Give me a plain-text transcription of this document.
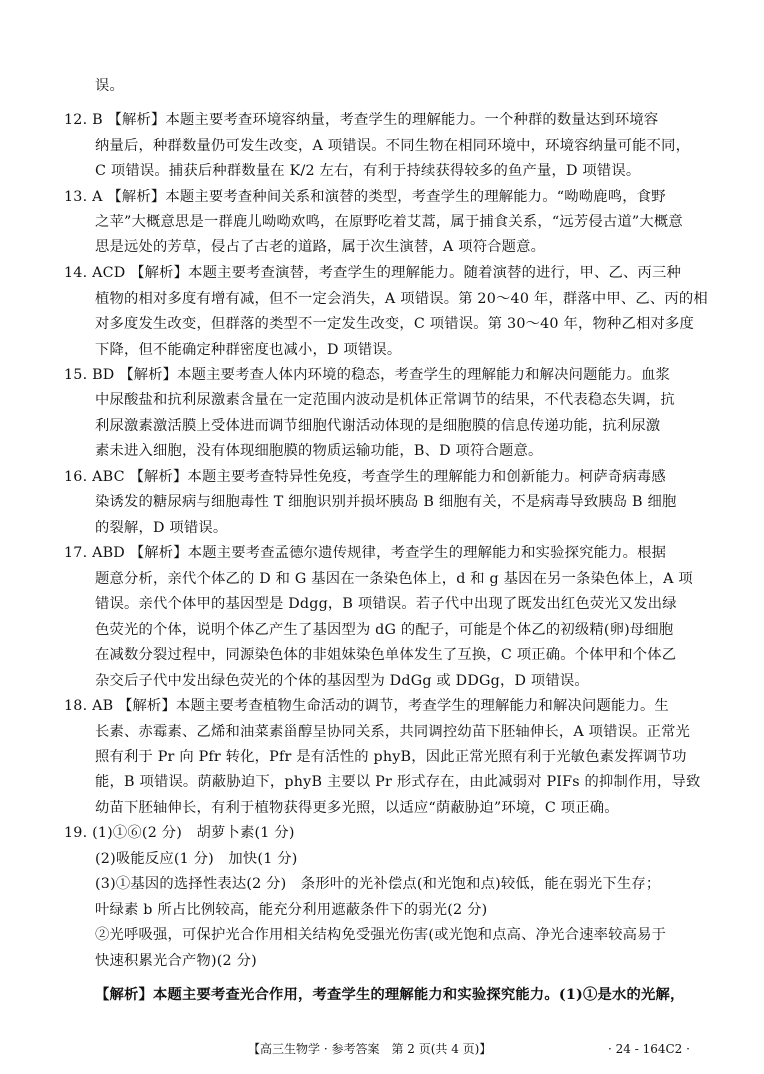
误。
12. B 【解析】本题主要考查环境容纳量，考查学生的理解能力。一个种群的数量达到环境容
纳量后，种群数量仍可发生改变，A 项错误。不同生物在相同环境中，环境容纳量可能不同，
C 项错误。捕获后种群数量在 K/2 左右，有利于持续获得较多的鱼产量，D 项错误。
13. A 【解析】本题主要考查种间关系和演替的类型，考查学生的理解能力。“呦呦鹿鸣，食野
之苹”大概意思是一群鹿儿呦呦欢鸣，在原野吃着艾蒿，属于捕食关系，“远芳侵古道”大概意
思是远处的芳草，侵占了古老的道路，属于次生演替，A 项符合题意。
14. ACD 【解析】本题主要考查演替，考查学生的理解能力。随着演替的进行，甲、乙、丙三种
植物的相对多度有增有减，但不一定会消失，A 项错误。第 20～40 年，群落中甲、乙、丙的相
对多度发生改变，但群落的类型不一定发生改变，C 项错误。第 30～40 年，物种乙相对多度
下降，但不能确定种群密度也减小，D 项错误。
15. BD 【解析】本题主要考查人体内环境的稳态，考查学生的理解能力和解决问题能力。血浆
中尿酸盐和抗利尿激素含量在一定范围内波动是机体正常调节的结果，不代表稳态失调，抗
利尿激素激活膜上受体进而调节细胞代谢活动体现的是细胞膜的信息传递功能，抗利尿激
素未进入细胞，没有体现细胞膜的物质运输功能，B、D 项符合题意。
16. ABC 【解析】本题主要考查特异性免疫，考查学生的理解能力和创新能力。柯萨奇病毒感
染诱发的糖尿病与细胞毒性 T 细胞识别并损坏胰岛 B 细胞有关，不是病毒导致胰岛 B 细胞
的裂解，D 项错误。
17. ABD 【解析】本题主要考查孟德尔遗传规律，考查学生的理解能力和实验探究能力。根据
题意分析，亲代个体乙的 D 和 G 基因在一条染色体上，d 和 g 基因在另一条染色体上，A 项
错误。亲代个体甲的基因型是 Ddgg，B 项错误。若子代中出现了既发出红色荧光又发出绿
色荧光的个体，说明个体乙产生了基因型为 dG 的配子，可能是个体乙的初级精(卵)母细胞
在减数分裂过程中，同源染色体的非姐妹染色单体发生了互换，C 项正确。个体甲和个体乙
杂交后子代中发出绿色荧光的个体的基因型为 DdGg 或 DDGg，D 项错误。
18. AB 【解析】本题主要考查植物生命活动的调节，考查学生的理解能力和解决问题能力。生
长素、赤霉素、乙烯和油菜素甾醇呈协同关系，共同调控幼苗下胚轴伸长，A 项错误。正常光
照有利于 Pr 向 Pfr 转化，Pfr 是有活性的 phyB，因此正常光照有利于光敏色素发挥调节功
能，B 项错误。荫蔽胁迫下，phyB 主要以 Pr 形式存在，由此减弱对 PIFs 的抑制作用，导致
幼苗下胚轴伸长，有利于植物获得更多光照，以适应“荫蔽胁迫”环境，C 项正确。
19. (1)①⑥(2 分)　胡萝卜素(1 分)
(2)吸能反应(1 分)　加快(1 分)
(3)①基因的选择性表达(2 分)　条形叶的光补偿点(和光饱和点)较低，能在弱光下生存；
叶绿素 b 所占比例较高，能充分利用遮蔽条件下的弱光(2 分)
②光呼吸强，可保护光合作用相关结构免受强光伤害(或光饱和点高、净光合速率较高易于
快速积累光合产物)(2 分)
【解析】本题主要考查光合作用，考查学生的理解能力和实验探究能力。(1)①是水的光解，
【高三生物学 · 参考答案　第 2 页(共 4 页)】	· 24 - 164C2 ·
